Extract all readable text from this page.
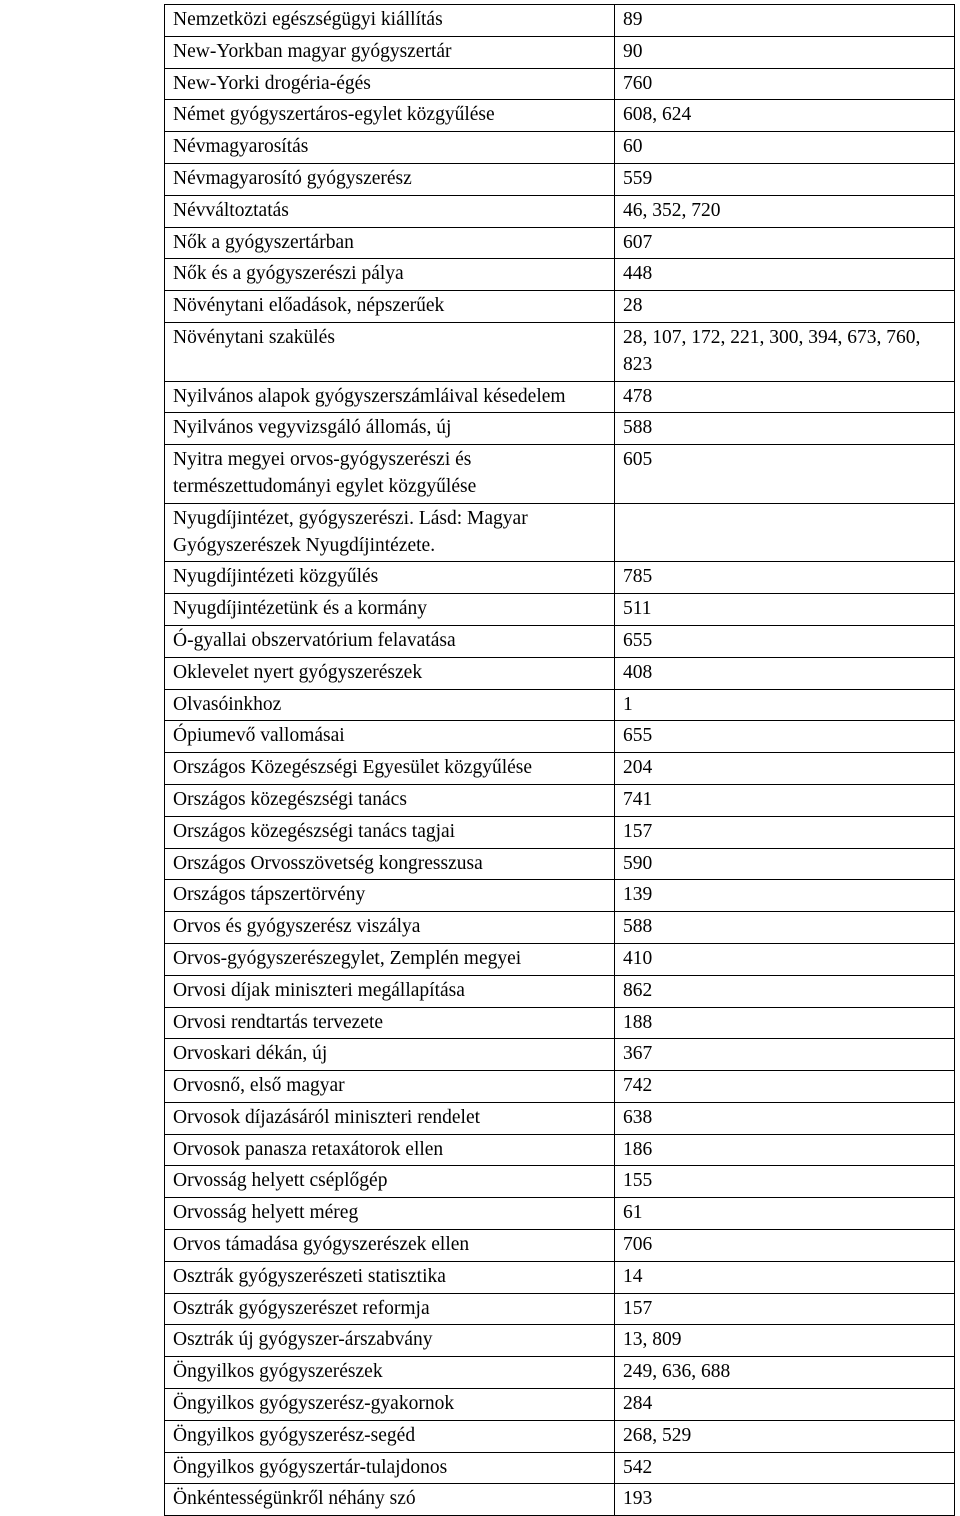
Nemzetközi egészségügyi kiállítás	89
New-Yorkban magyar gyógyszertár	90
New-Yorki drogéria-égés	760
Német gyógyszertáros-egylet közgyűlése	608, 624
Névmagyarosítás	60
Névmagyarosító gyógyszerész	559
Névváltoztatás	46, 352, 720
Nők a gyógyszertárban	607
Nők és a gyógyszerészi pálya	448
Növénytani előadások, népszerűek	28
Növénytani szakülés	28, 107, 172, 221, 300, 394, 673, 760, 823
Nyilvános alapok gyógyszerszámláival késedelem	478
Nyilvános vegyvizsgáló állomás, új	588
Nyitra megyei orvos-gyógyszerészi és természettudományi egylet közgyűlése	605
Nyugdíjintézet, gyógyszerészi. Lásd: Magyar Gyógyszerészek Nyugdíjintézete.	
Nyugdíjintézeti közgyűlés	785
Nyugdíjintézetünk és a kormány	511
Ó-gyallai obszervatórium felavatása	655
Oklevelet nyert gyógyszerészek	408
Olvasóinkhoz	1
Ópiumevő vallomásai	655
Országos Közegészségi Egyesület közgyűlése	204
Országos közegészségi tanács	741
Országos közegészségi tanács tagjai	157
Országos Orvosszövetség kongresszusa	590
Országos tápszertörvény	139
Orvos és gyógyszerész viszálya	588
Orvos-gyógyszerészegylet, Zemplén megyei	410
Orvosi díjak miniszteri megállapítása	862
Orvosi rendtartás tervezete	188
Orvoskari dékán, új	367
Orvosnő, első magyar	742
Orvosok díjazásáról miniszteri rendelet	638
Orvosok panasza retaxátorok ellen	186
Orvosság helyett cséplőgép	155
Orvosság helyett méreg	61
Orvos támadása gyógyszerészek ellen	706
Osztrák gyógyszerészeti statisztika	14
Osztrák gyógyszerészet reformja	157
Osztrák új gyógyszer-árszabvány	13, 809
Öngyilkos gyógyszerészek	249, 636, 688
Öngyilkos gyógyszerész-gyakornok	284
Öngyilkos gyógyszerész-segéd	268, 529
Öngyilkos gyógyszertár-tulajdonos	542
Önkéntességünkről néhány szó	193
